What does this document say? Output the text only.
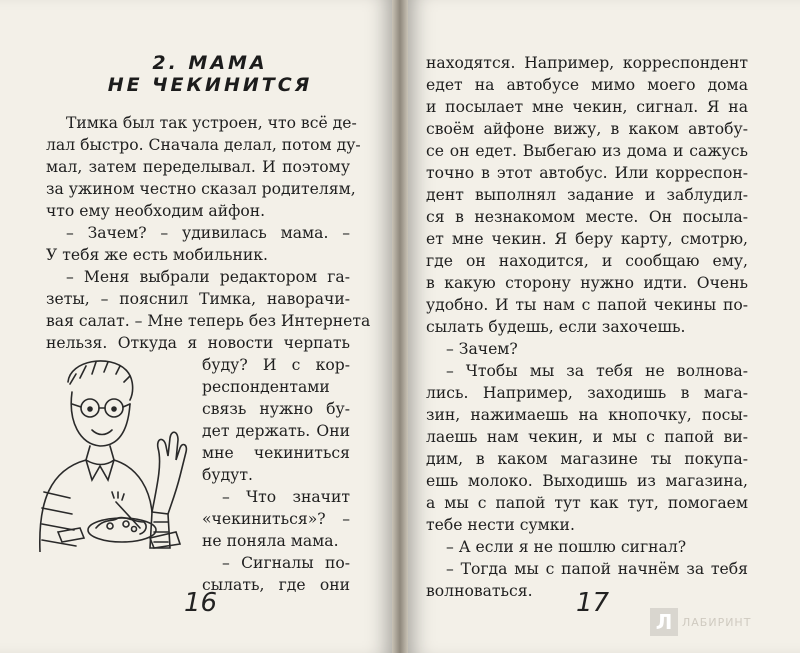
2. МАМА
НЕ ЧЕКИНИТСЯ

Тимка был так устроен, что всё де-

лал быстро. Сначала делал, потом ду-

мал, затем переделывал. И поэтому

за ужином честно сказал родителям,

что ему необходим айфон.

– Зачем? – удивилась мама. –

У тебя же есть мобильник.

– Меня выбрали редактором га-

зеты, – пояснил Тимка, наворачи-

вая салат. – Мне теперь без Интернета

нельзя. Откуда я новости черпать

буду? И с кор-

респондентами

связь нужно бу-

дет держать. Они

мне чекиниться

будут.

– Что значит

«чекиниться»? –

не поняла мама.

– Сигналы по-

сылать, где они

16

находятся. Например, корреспондент

едет на автобусе мимо моего дома

и посылает мне чекин, сигнал. Я на

своём айфоне вижу, в каком автобу-

се он едет. Выбегаю из дома и сажусь

точно в этот автобус. Или корреспон-

дент выполнял задание и заблудил-

ся в незнакомом месте. Он посыла-

ет мне чекин. Я беру карту, смотрю,

где он находится, и сообщаю ему,

в какую сторону нужно идти. Очень

удобно. И ты нам с папой чекины по-

сылать будешь, если захочешь.

– Зачем?

– Чтобы мы за тебя не волнова-

лись. Например, заходишь в мага-

зин, нажимаешь на кнопочку, посы-

лаешь нам чекин, и мы с папой ви-

дим, в каком магазине ты покупа-

ешь молоко. Выходишь из магазина,

а мы с папой тут как тут, помогаем

тебе нести сумки.

– А если я не пошлю сигнал?

– Тогда мы с папой начнём за тебя

волноваться. 17
Л ЛАБИРИНТ
